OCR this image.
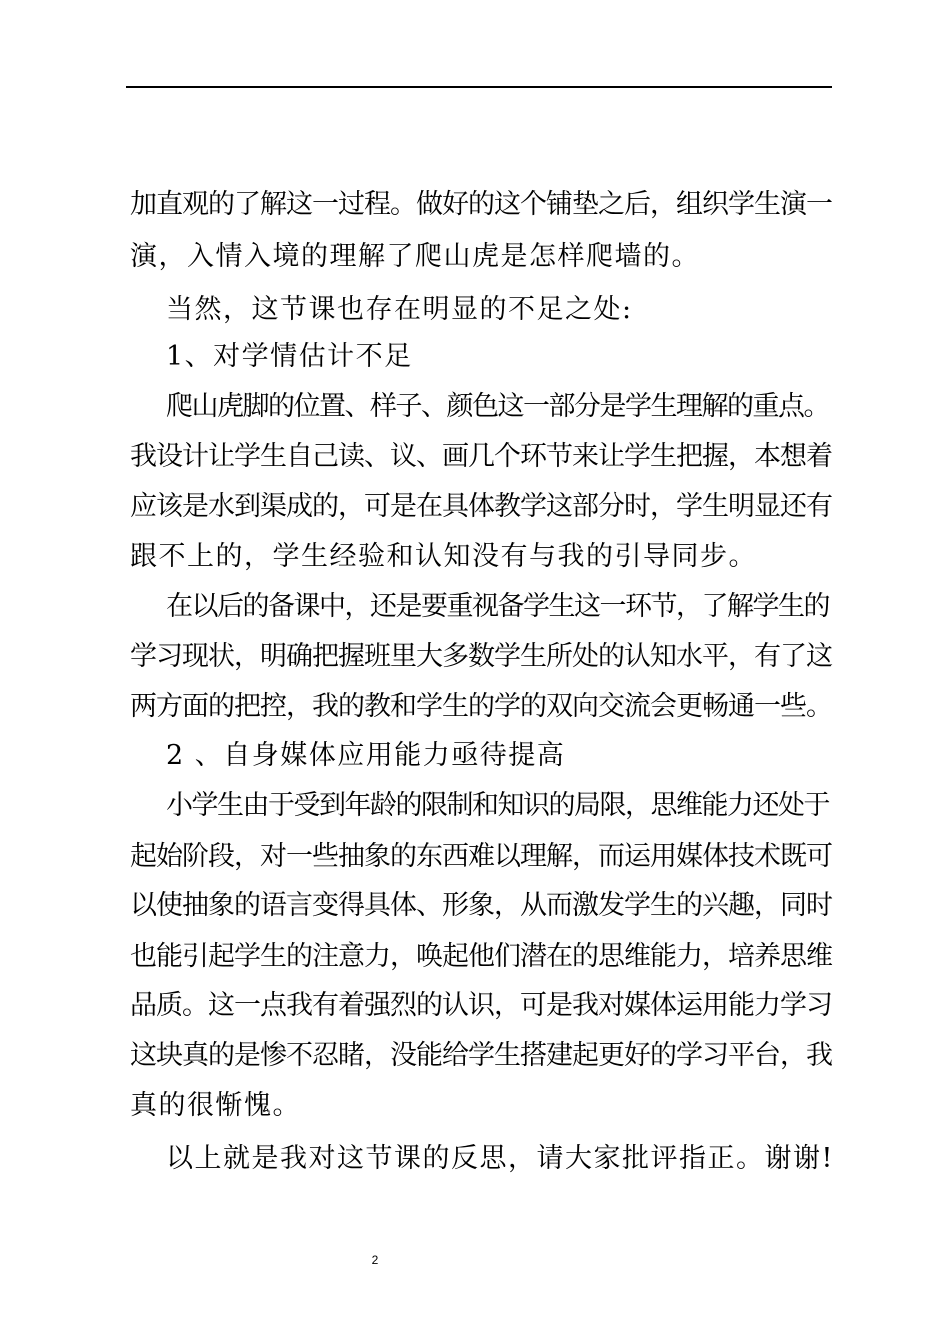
加直观的了解这一过程。做好的这个铺垫之后，组织学生演一

演，入情入境的理解了爬山虎是怎样爬墙的。

当然，这节课也存在明显的不足之处:

1、对学情估计不足

爬山虎脚的位置、样子、颜色这一部分是学生理解的重点。

我设计让学生自己读、议、画几个环节来让学生把握，本想着

应该是水到渠成的，可是在具体教学这部分时，学生明显还有

跟不上的，学生经验和认知没有与我的引导同步。

在以后的备课中，还是要重视备学生这一环节，了解学生的

学习现状，明确把握班里大多数学生所处的认知水平，有了这

两方面的把控，我的教和学生的学的双向交流会更畅通一些。

2 、自身媒体应用能力亟待提高

小学生由于受到年龄的限制和知识的局限，思维能力还处于

起始阶段，对一些抽象的东西难以理解，而运用媒体技术既可

以使抽象的语言变得具体、形象，从而激发学生的兴趣，同时

也能引起学生的注意力，唤起他们潜在的思维能力，培养思维

品质。这一点我有着强烈的认识，可是我对媒体运用能力学习

这块真的是惨不忍睹，没能给学生搭建起更好的学习平台，我

真的很惭愧。

以上就是我对这节课的反思，请大家批评指正。谢谢!

2
